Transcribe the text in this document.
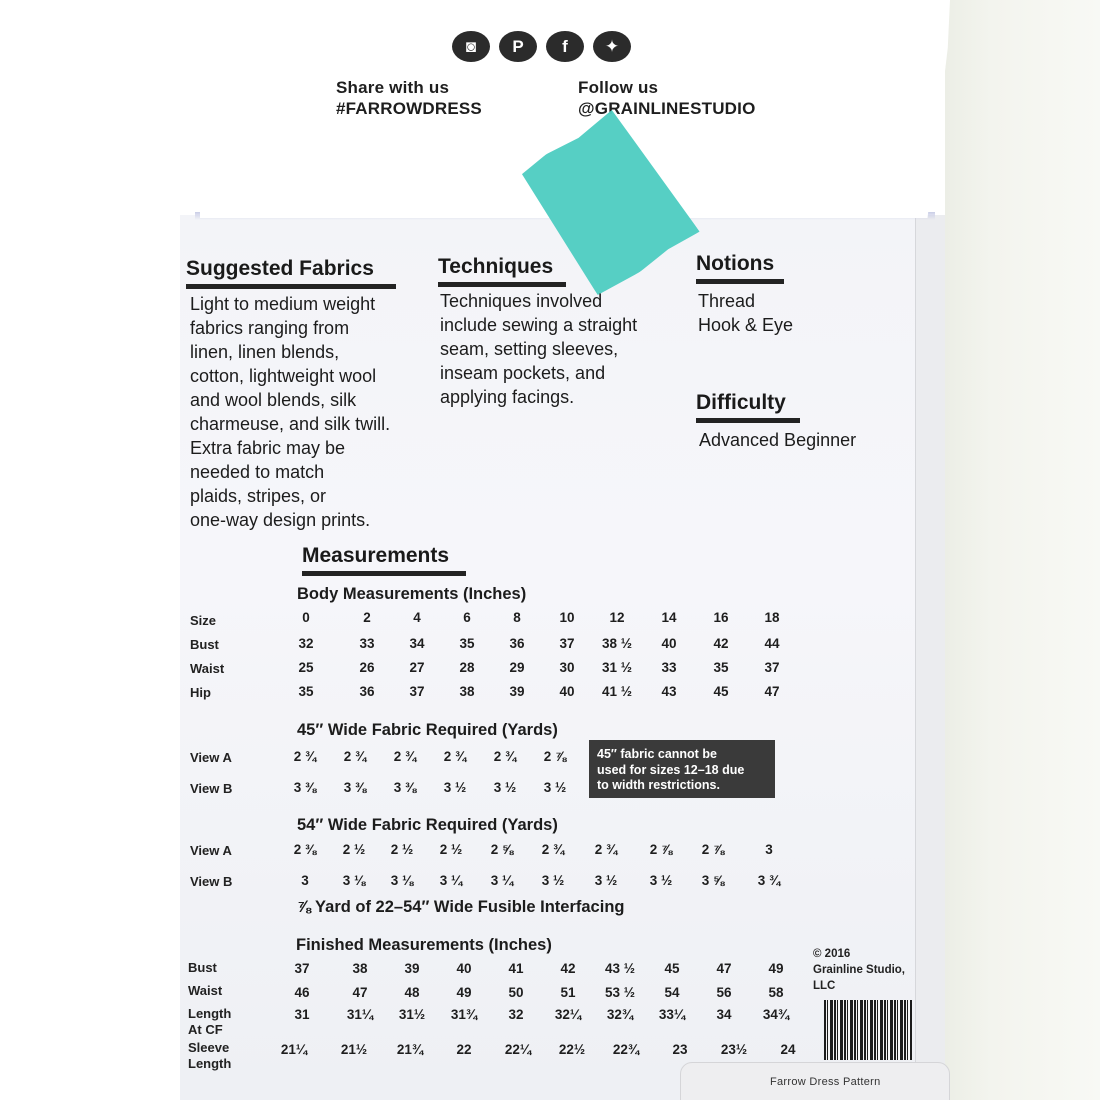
◙ P f ✦
Share with us
#FARROWDRESS
Follow us
@GRAINLINESTUDIO
Suggested Fabrics
Light to medium weight
fabrics ranging from
linen, linen blends,
cotton, lightweight wool
and wool blends, silk
charmeuse, and silk twill.
Extra fabric may be
needed to match
plaids, stripes, or
one-way design prints.
Techniques
Techniques involved
include sewing a straight
seam, setting sleeves,
inseam pockets, and
applying facings.
Notions
Thread
Hook & Eye
Difficulty
Advanced Beginner
Measurements
Body Measurements (Inches)
Size	0	2	4	6	8	10	12	14	16	18
Bust	32	33	34	35	36	37	38 ½	40	42	44
Waist	25	26	27	28	29	30	31 ½	33	35	37
Hip	35	36	37	38	39	40	41 ½	43	45	47
45″ Wide Fabric Required (Yards)
View A	2 ¾	2 ¾	2 ¾	2 ¾	2 ¾	2 ⅞
View B	3 ⅜	3 ⅜	3 ⅜	3 ½	3 ½	3 ½
45″ fabric cannot be
used for sizes 12–18 due
to width restrictions.
54″ Wide Fabric Required (Yards)
View A	2 ⅜	2 ½	2 ½	2 ½	2 ⅝	2 ¾	2 ¾	2 ⅞	2 ⅞	3
View B	3	3 ⅛	3 ⅛	3 ¼	3 ¼	3 ½	3 ½	3 ½	3 ⅝	3 ¾
⅞ Yard of 22–54″ Wide Fusible Interfacing
Finished Measurements (Inches)
Bust	37	38	39	40	41	42	43 ½	45	47	49
Waist	46	47	48	49	50	51	53 ½	54	56	58
Length
At CF
31	31¼	31½	31¾	32	32¼	32¾	33¼	34	34¾
Sleeve
Length
21¼	21½	21¾	22	22¼	22½	22¾	23	23½	24
© 2016
Grainline Studio,
LLC
Farrow Dress Pattern
